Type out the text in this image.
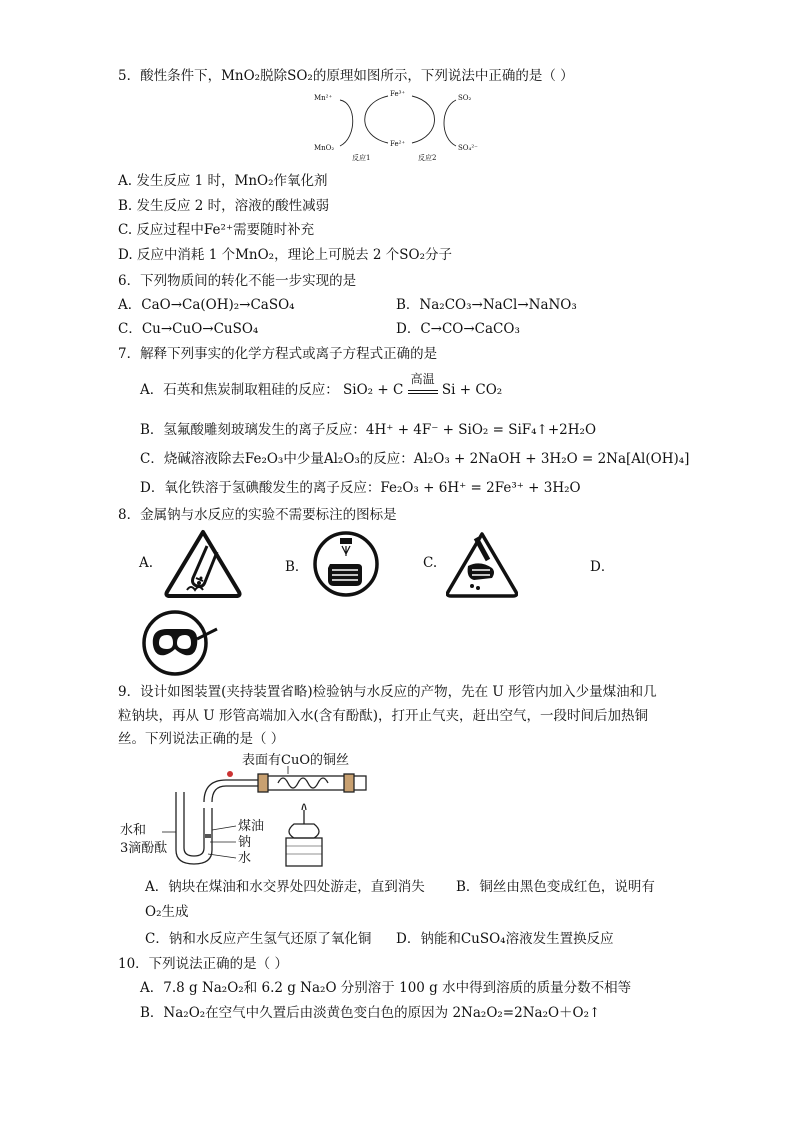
5．酸性条件下，MnO₂脱除SO₂的原理如图所示，下列说法中正确的是（ ）
Mn²⁺	Fe³⁺	SO₂
MnO₂	Fe²⁺	SO₄²⁻
反应1	反应2
A. 发生反应 1 时，MnO₂作氧化剂
B. 发生反应 2 时，溶液的酸性减弱
C. 反应过程中Fe²⁺需要随时补充
D. 反应中消耗 1 个MnO₂，理论上可脱去 2 个SO₂分子
6．下列物质间的转化不能一步实现的是
A．CaO→Ca(OH)₂→CaSO₄	B．Na₂CO₃→NaCl→NaNO₃
C．Cu→CuO→CuSO₄	D．C→CO→CaCO₃
7．解释下列事实的化学方程式或离子方程式正确的是
A．石英和焦炭制取粗硅的反应： SiO₂ + C
高温
Si + CO₂
B．氢氟酸雕刻玻璃发生的离子反应：4H⁺ + 4F⁻ + SiO₂ = SiF₄↑+2H₂O
C．烧碱溶液除去Fe₂O₃中少量Al₂O₃的反应：Al₂O₃ + 2NaOH + 3H₂O = 2Na[Al(OH)₄]
D．氧化铁溶于氢碘酸发生的离子反应：Fe₂O₃ + 6H⁺ = 2Fe³⁺ + 3H₂O
8．金属钠与水反应的实验不需要标注的图标是
A.	B．	C.	D．
9．设计如图装置(夹持装置省略)检验钠与水反应的产物，先在 U 形管内加入少量煤油和几
粒钠块，再从 U 形管高端加入水(含有酚酞)，打开止气夹，赶出空气，一段时间后加热铜
丝。下列说法正确的是（ ）
表面有CuO的铜丝
水和
3滴酚酞
煤油
钠
水
A．钠块在煤油和水交界处四处游走，直到消失 B．铜丝由黑色变成红色，说明有
O₂生成
C．钠和水反应产生氢气还原了氧化铜 D．钠能和CuSO₄溶液发生置换反应
10．下列说法正确的是（ ）
A．7.8 g Na₂O₂和 6.2 g Na₂O 分别溶于 100 g 水中得到溶质的质量分数不相等
B．Na₂O₂在空气中久置后由淡黄色变白色的原因为 2Na₂O₂=2Na₂O＋O₂↑
